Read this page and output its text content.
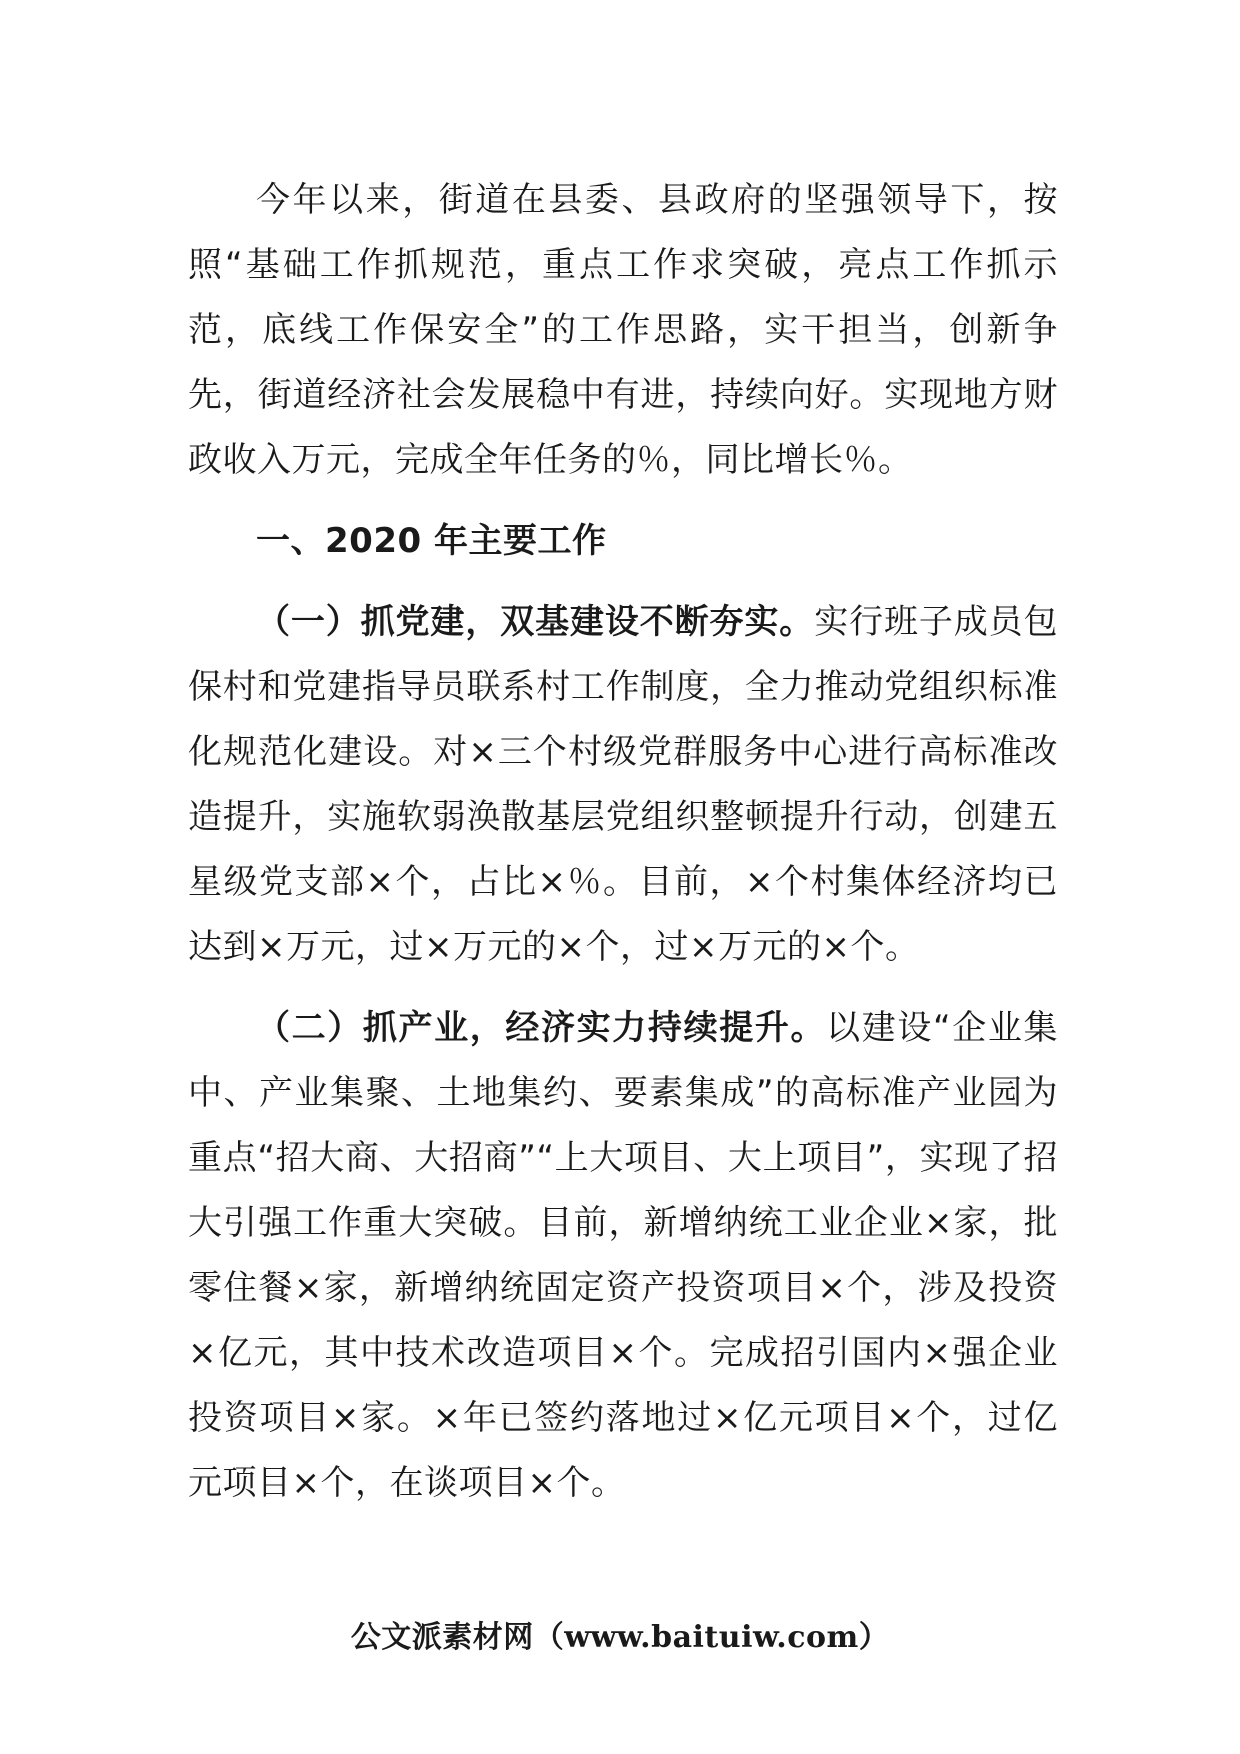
今年以来，街道在县委、县政府的坚强领导下，按照“基础工作抓规范，重点工作求突破，亮点工作抓示范，底线工作保安全”的工作思路，实干担当，创新争先，街道经济社会发展稳中有进，持续向好。实现地方财政收入万元，完成全年任务的％，同比增长％。

一、2020 年主要工作

（一）抓党建，双基建设不断夯实。实行班子成员包保村和党建指导员联系村工作制度，全力推动党组织标准化规范化建设。对×三个村级党群服务中心进行高标准改造提升，实施软弱涣散基层党组织整顿提升行动，创建五星级党支部×个，占比×％。目前，×个村集体经济均已达到×万元，过×万元的×个，过×万元的×个。

（二）抓产业，经济实力持续提升。以建设“企业集中、产业集聚、土地集约、要素集成”的高标准产业园为重点“招大商、大招商”“上大项目、大上项目”，实现了招大引强工作重大突破。目前，新增纳统工业企业×家，批零住餐×家，新增纳统固定资产投资项目×个，涉及投资×亿元，其中技术改造项目×个。完成招引国内×强企业投资项目×家。×年已签约落地过×亿元项目×个，过亿元项目×个，在谈项目×个。

公文派素材网（www.baituiw.com）
